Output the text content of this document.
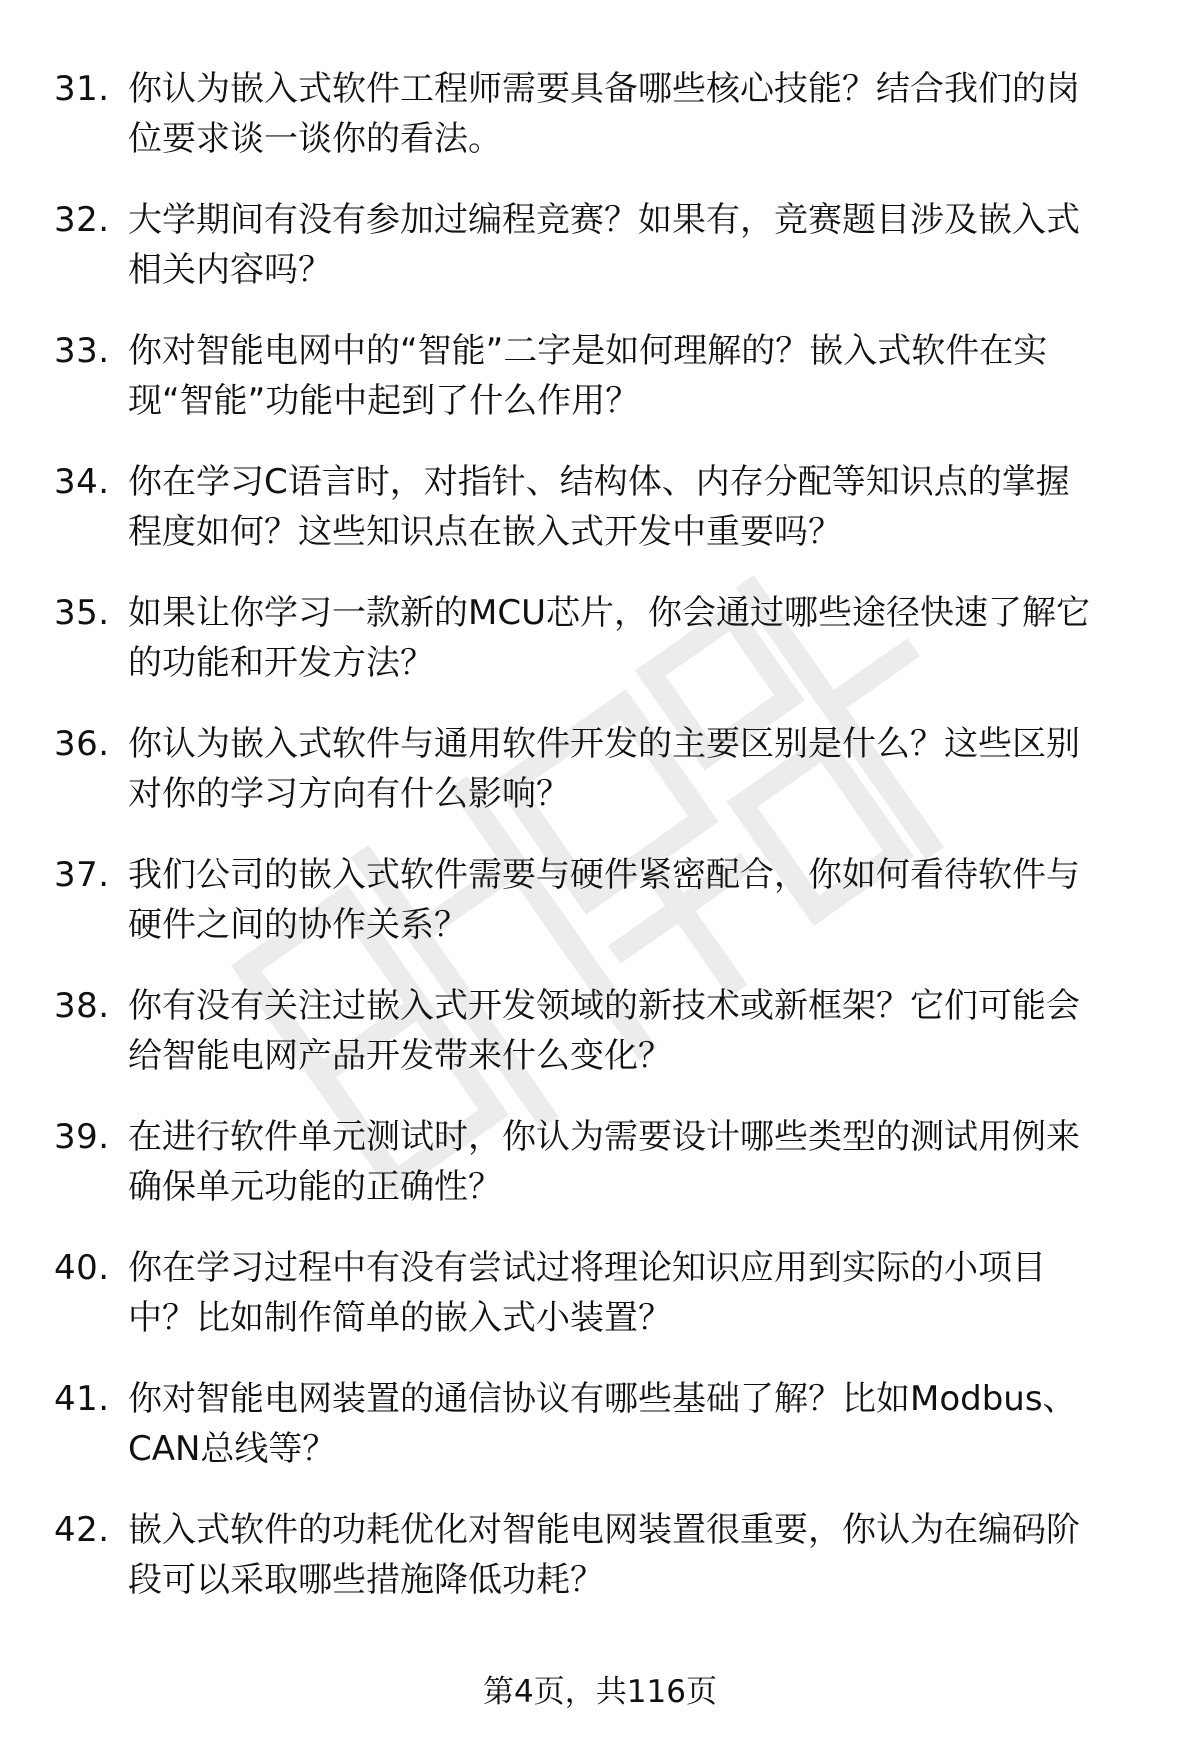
31. 你认为嵌入式软件工程师需要具备哪些核心技能？结合我们的岗
位要求谈一谈你的看法。
32. 大学期间有没有参加过编程竞赛？如果有，竞赛题目涉及嵌入式
相关内容吗？
33. 你对智能电网中的“智能”二字是如何理解的？嵌入式软件在实
现“智能”功能中起到了什么作用？
34. 你在学习C语言时，对指针、结构体、内存分配等知识点的掌握
程度如何？这些知识点在嵌入式开发中重要吗？
35. 如果让你学习一款新的MCU芯片，你会通过哪些途径快速了解它
的功能和开发方法？
36. 你认为嵌入式软件与通用软件开发的主要区别是什么？这些区别
对你的学习方向有什么影响？
37. 我们公司的嵌入式软件需要与硬件紧密配合，你如何看待软件与
硬件之间的协作关系？
38. 你有没有关注过嵌入式开发领域的新技术或新框架？它们可能会
给智能电网产品开发带来什么变化？
39. 在进行软件单元测试时，你认为需要设计哪些类型的测试用例来
确保单元功能的正确性？
40. 你在学习过程中有没有尝试过将理论知识应用到实际的小项目
中？比如制作简单的嵌入式小装置？
41. 你对智能电网装置的通信协议有哪些基础了解？比如Modbus、
CAN总线等？
42. 嵌入式软件的功耗优化对智能电网装置很重要，你认为在编码阶
段可以采取哪些措施降低功耗？
第4页，共116页
